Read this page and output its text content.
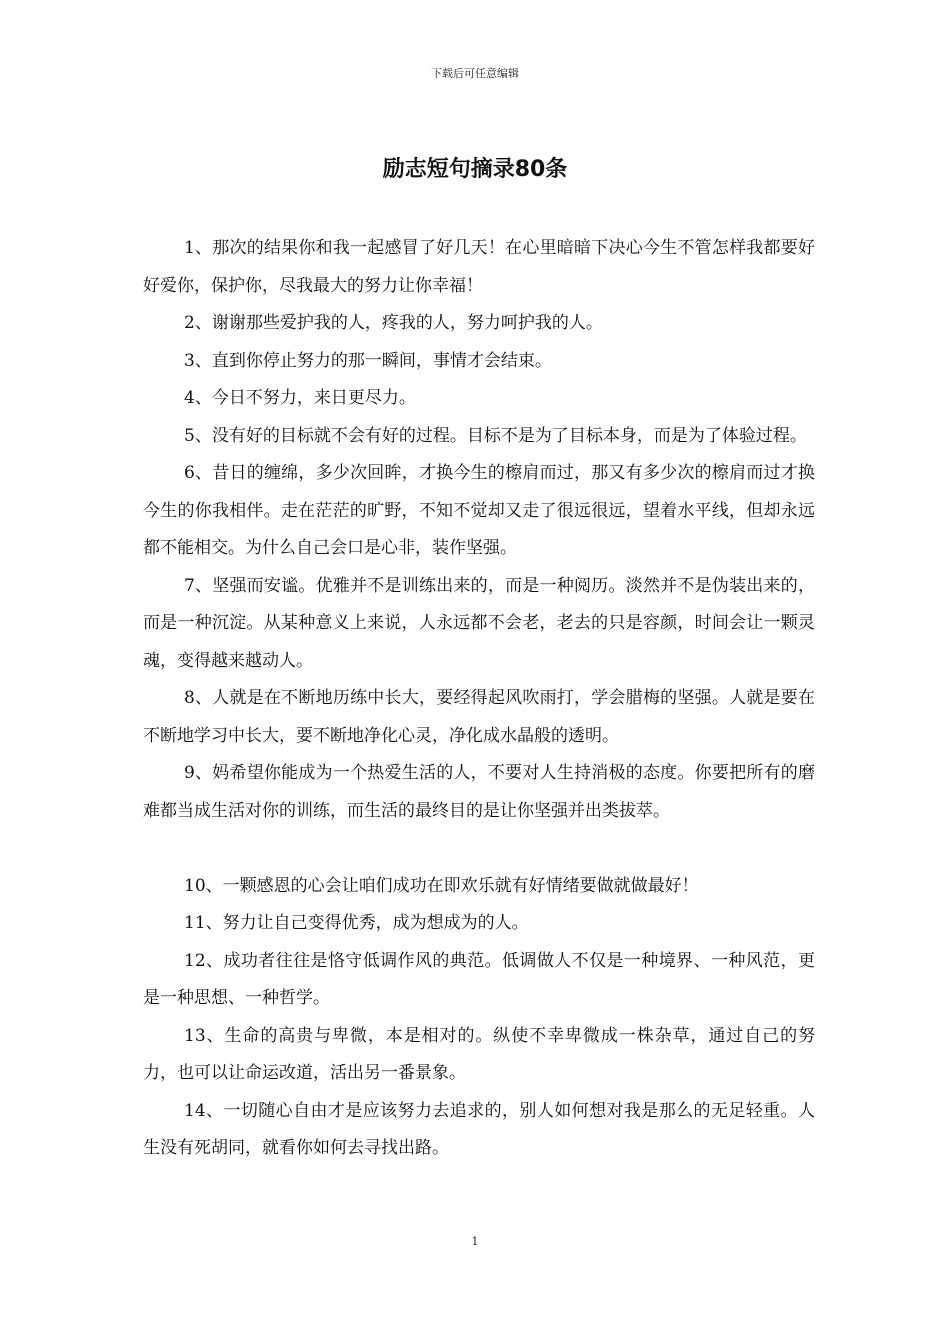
下载后可任意编辑
励志短句摘录80条

1、那次的结果你和我一起感冒了好几天！在心里暗暗下决心今生不管怎样我都要好好爱你，保护你，尽我最大的努力让你幸福！

2、谢谢那些爱护我的人，疼我的人，努力呵护我的人。

3、直到你停止努力的那一瞬间，事情才会结束。

4、今日不努力，来日更尽力。

5、没有好的目标就不会有好的过程。目标不是为了目标本身，而是为了体验过程。

6、昔日的缠绵，多少次回眸，才换今生的檫肩而过，那又有多少次的檫肩而过才换今生的你我相伴。走在茫茫的旷野，不知不觉却又走了很远很远，望着水平线，但却永远都不能相交。为什么自己会口是心非，装作坚强。

7、坚强而安谧。优雅并不是训练出来的，而是一种阅历。淡然并不是伪装出来的，而是一种沉淀。从某种意义上来说，人永远都不会老，老去的只是容颜，时间会让一颗灵魂，变得越来越动人。

8、人就是在不断地历练中长大，要经得起风吹雨打，学会腊梅的坚强。人就是要在不断地学习中长大，要不断地净化心灵，净化成水晶般的透明。

9、妈希望你能成为一个热爱生活的人，不要对人生持消极的态度。你要把所有的磨难都当成生活对你的训练，而生活的最终目的是让你坚强并出类拔萃。

10、一颗感恩的心会让咱们成功在即欢乐就有好情绪要做就做最好！

11、努力让自己变得优秀，成为想成为的人。

12、成功者往往是恪守低调作风的典范。低调做人不仅是一种境界、一种风范，更是一种思想、一种哲学。

13、生命的高贵与卑微，本是相对的。纵使不幸卑微成一株杂草，通过自己的努力，也可以让命运改道，活出另一番景象。

14、一切随心自由才是应该努力去追求的，别人如何想对我是那么的无足轻重。人生没有死胡同，就看你如何去寻找出路。

1
